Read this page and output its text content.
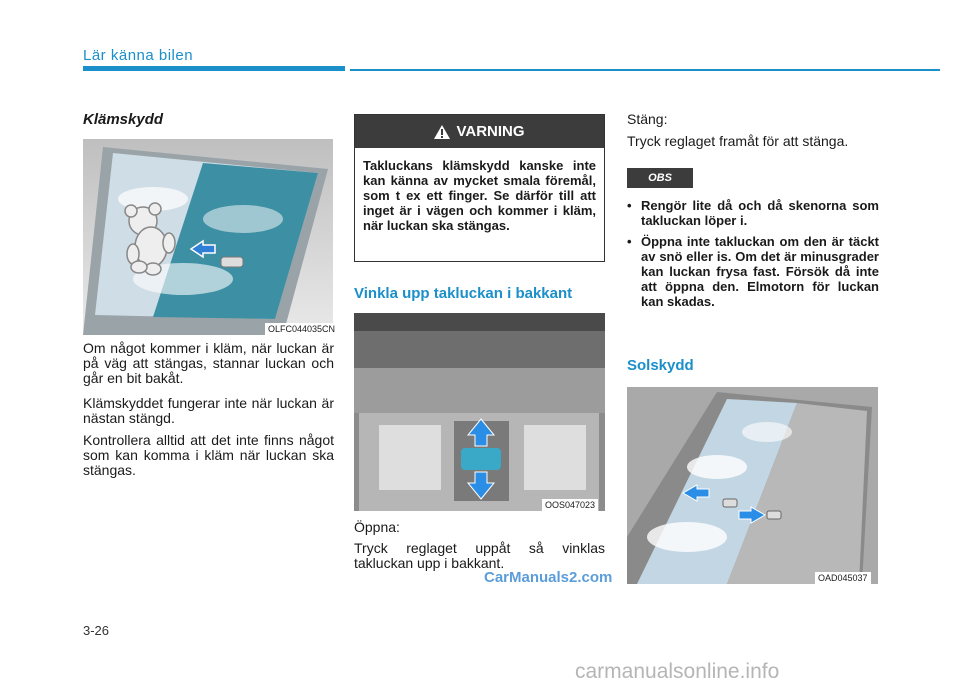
Lär känna bilen
Klämskydd
OLFC044035CN

Om något kommer i kläm, när luckan är på väg att stängas, stannar luckan och går en bit bakåt.

Klämskyddet fungerar inte när luckan är nästan stängd.

Kontrollera alltid att det inte finns något som kan komma i kläm när luckan ska stängas.

VARNING
Takluckans klämskydd kanske inte kan känna av mycket smala föremål, som t ex ett finger. Se därför till att inget är i vägen och kommer i kläm, när luckan ska stängas.
Vinkla upp takluckan i bakkant
OOS047023
Öppna:

Tryck reglaget uppåt så vinklas takluckan upp i bakkant.

Stäng:

Tryck reglaget framåt för att stänga.

OBS
• Rengör lite då och då skenorna som takluckan löper i.
• Öppna inte takluckan om den är täckt av snö eller is. Om det är minusgrader kan luckan frysa fast. Försök då inte att öppna den. Elmotorn för luckan kan skadas.
Solskydd
OAD045037
3-26
CarManuals2.com
carmanualsonline.info
